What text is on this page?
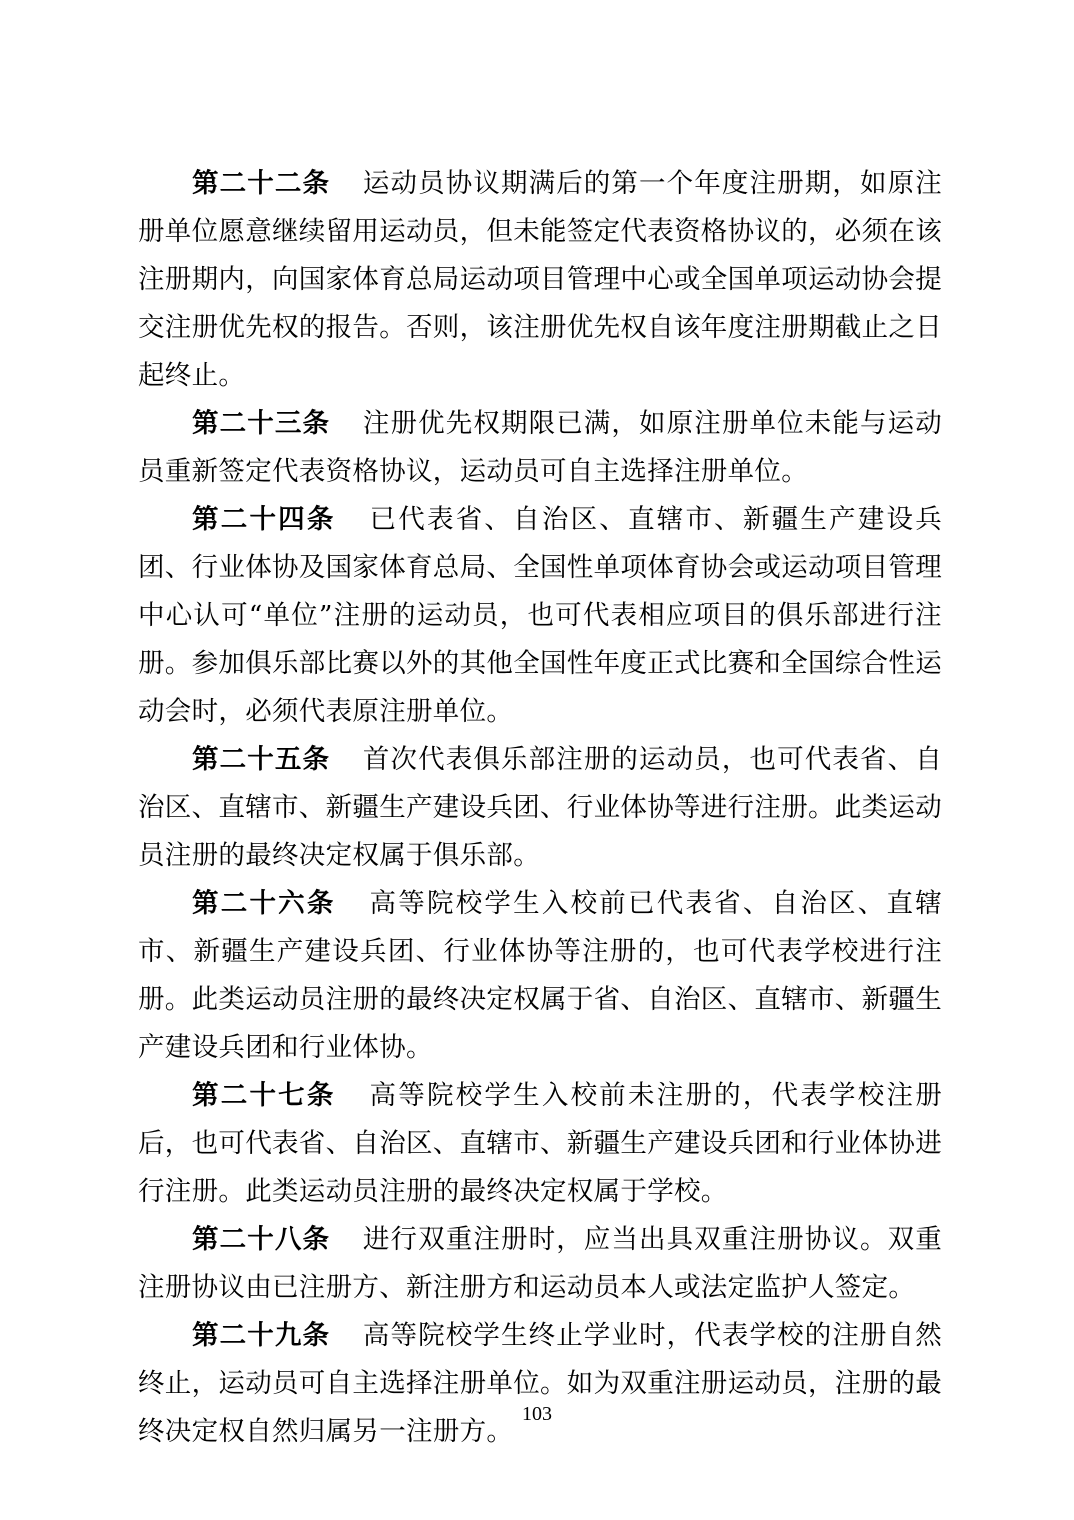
第二十二条 运动员协议期满后的第一个年度注册期，如原注册单位愿意继续留用运动员，但未能签定代表资格协议的，必须在该注册期内，向国家体育总局运动项目管理中心或全国单项运动协会提交注册优先权的报告。否则，该注册优先权自该年度注册期截止之日起终止。

第二十三条 注册优先权期限已满，如原注册单位未能与运动员重新签定代表资格协议，运动员可自主选择注册单位。

第二十四条 已代表省、自治区、直辖市、新疆生产建设兵团、行业体协及国家体育总局、全国性单项体育协会或运动项目管理中心认可“单位”注册的运动员，也可代表相应项目的俱乐部进行注册。参加俱乐部比赛以外的其他全国性年度正式比赛和全国综合性运动会时，必须代表原注册单位。

第二十五条 首次代表俱乐部注册的运动员，也可代表省、自治区、直辖市、新疆生产建设兵团、行业体协等进行注册。此类运动员注册的最终决定权属于俱乐部。

第二十六条 高等院校学生入校前已代表省、自治区、直辖市、新疆生产建设兵团、行业体协等注册的，也可代表学校进行注册。此类运动员注册的最终决定权属于省、自治区、直辖市、新疆生产建设兵团和行业体协。

第二十七条 高等院校学生入校前未注册的，代表学校注册后，也可代表省、自治区、直辖市、新疆生产建设兵团和行业体协进行注册。此类运动员注册的最终决定权属于学校。

第二十八条 进行双重注册时，应当出具双重注册协议。双重注册协议由已注册方、新注册方和运动员本人或法定监护人签定。

第二十九条 高等院校学生终止学业时，代表学校的注册自然终止，运动员可自主选择注册单位。如为双重注册运动员，注册的最终决定权自然归属另一注册方。

103
